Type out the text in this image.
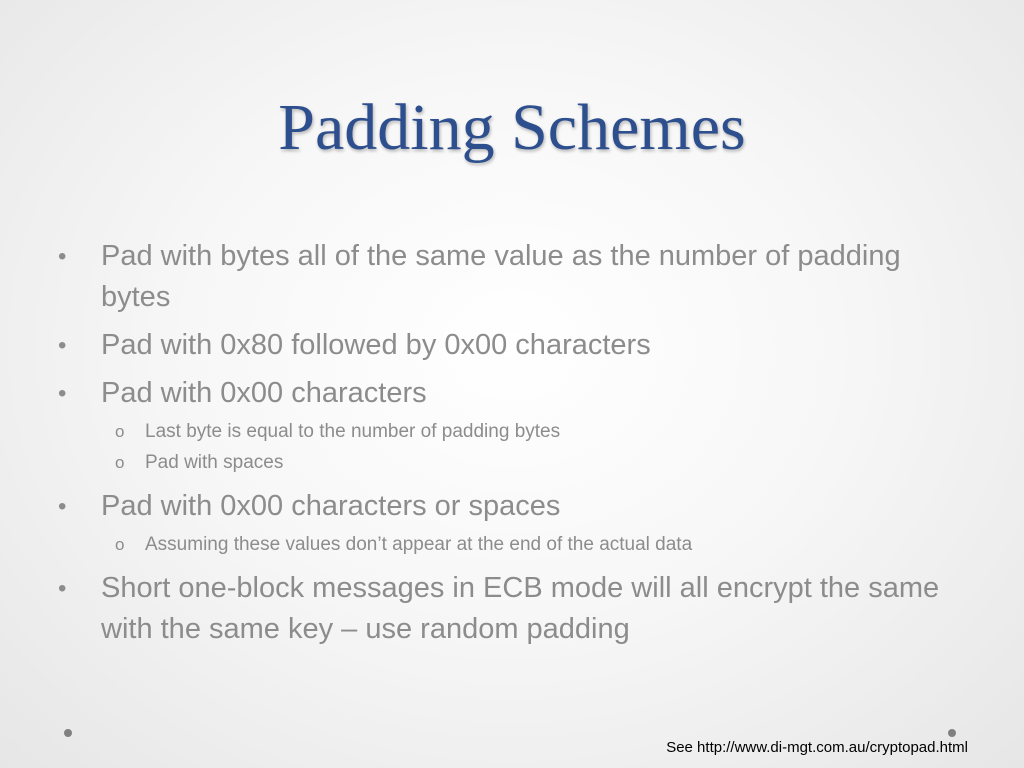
Padding Schemes
• Pad with bytes all of the same value as the number of padding bytes
• Pad with 0x80 followed by 0x00 characters
• Pad with 0x00 characters
o Last byte is equal to the number of padding bytes
o Pad with spaces
• Pad with 0x00 characters or spaces
o Assuming these values don’t appear at the end of the actual data
• Short one-block messages in ECB mode will all encrypt the same with the same key – use random padding
See http://www.di-mgt.com.au/cryptopad.html
